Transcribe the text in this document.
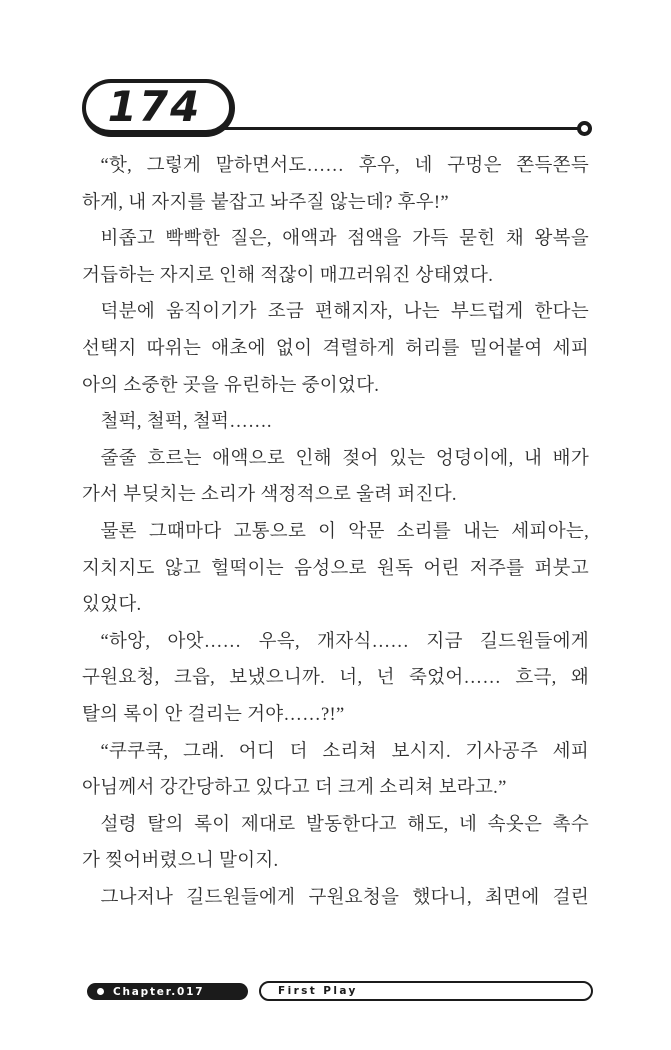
174
“핫, 그렇게 말하면서도…… 후우, 네 구멍은 쫀득쫀득
하게, 내 자지를 붙잡고 놔주질 않는데? 후우!”
비좁고 빡빡한 질은, 애액과 점액을 가득 묻힌 채 왕복을
거듭하는 자지로 인해 적잖이 매끄러워진 상태였다.
덕분에 움직이기가 조금 편해지자, 나는 부드럽게 한다는
선택지 따위는 애초에 없이 격렬하게 허리를 밀어붙여 세피
아의 소중한 곳을 유린하는 중이었다.
철퍽, 철퍽, 철퍽…….
줄줄 흐르는 애액으로 인해 젖어 있는 엉덩이에, 내 배가
가서 부딪치는 소리가 색정적으로 울려 퍼진다.
물론 그때마다 고통으로 이 악문 소리를 내는 세피아는,
지치지도 않고 헐떡이는 음성으로 원독 어린 저주를 퍼붓고
있었다.
“하앙, 아앗…… 우윽, 개자식…… 지금 길드원들에게
구원요청, 크읍, 보냈으니까. 너, 넌 죽었어…… 흐극, 왜
탈의 록이 안 걸리는 거야……?!”
“쿠쿠쿡, 그래. 어디 더 소리쳐 보시지. 기사공주 세피
아님께서 강간당하고 있다고 더 크게 소리쳐 보라고.”
설령 탈의 록이 제대로 발동한다고 해도, 네 속옷은 촉수
가 찢어버렸으니 말이지.
그나저나 길드원들에게 구원요청을 했다니, 최면에 걸린
Chapter.017	First Play
